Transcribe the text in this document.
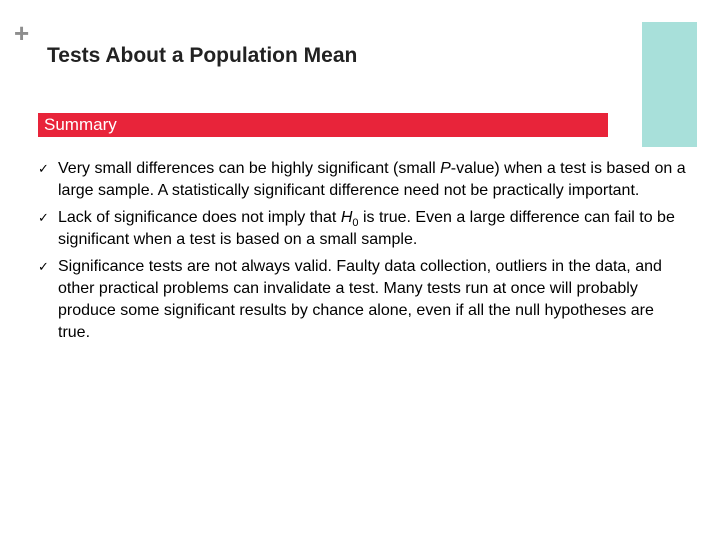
+
Tests About a Population Mean
Summary
✓ Very small differences can be highly significant (small P-value) when a test is based on a large sample. A statistically significant difference need not be practically important.
✓ Lack of significance does not imply that $H_0$ is true. Even a large difference can fail to be significant when a test is based on a small sample.
✓ Significance tests are not always valid. Faulty data collection, outliers in the data, and other practical problems can invalidate a test. Many tests run at once will probably produce some significant results by chance alone, even if all the null hypotheses are true.
